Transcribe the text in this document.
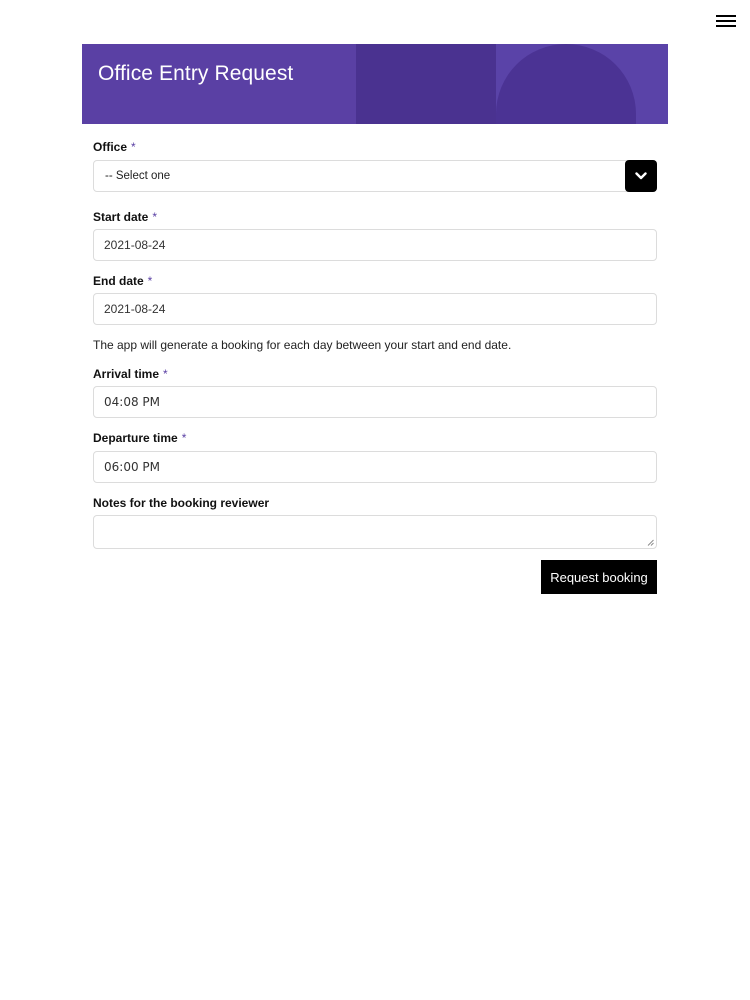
Office Entry Request
Office *
-- Select one
Start date *
2021-08-24
End date *
2021-08-24

The app will generate a booking for each day between your start and end date.

Arrival time *
04:08 PM
Departure time *
06:00 PM
Notes for the booking reviewer
Request booking
